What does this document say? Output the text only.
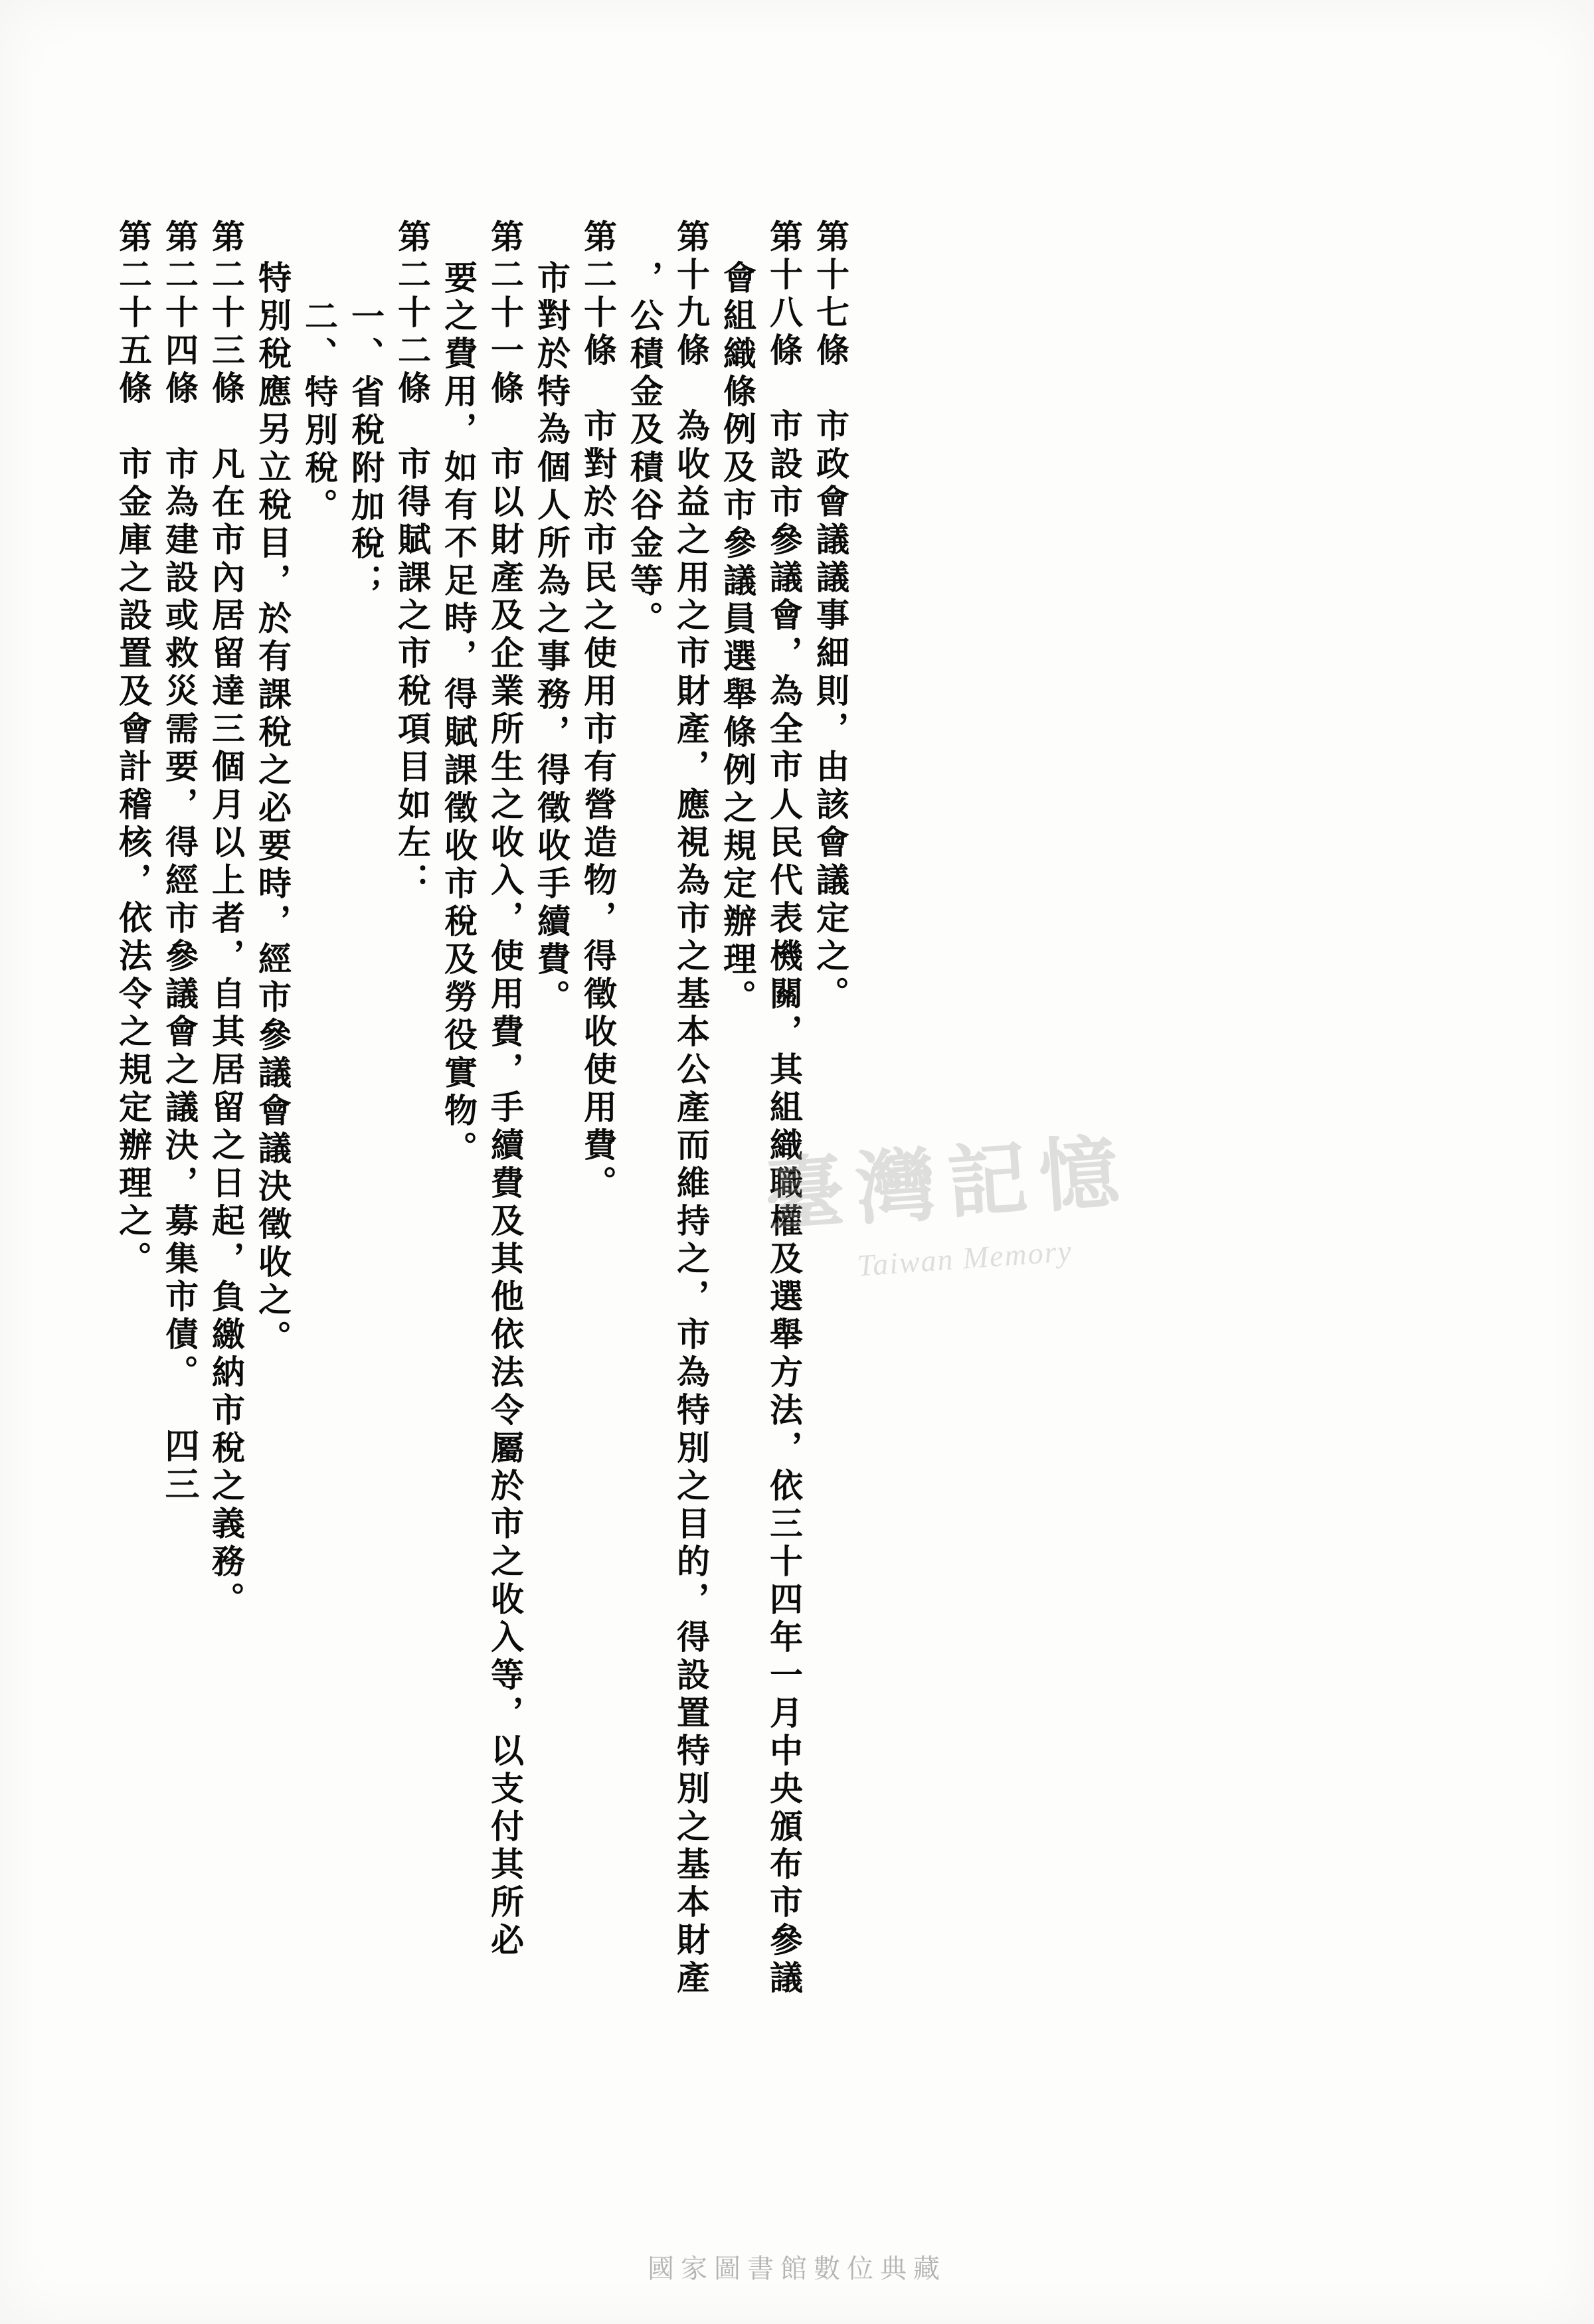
第二十五條　市金庫之設置及會計稽核，依法令之規定辦理之。 第二十四條　市為建設或救災需要，得經市參議會之議決，募集市債。 第二十三條　凡在市內居留達三個月以上者，自其居留之日起，負繳納市稅之義務。 特別稅應另立稅目，於有課稅之必要時，經市參議會議決徵收之。 二、特別稅。 一、省稅附加稅； 第二十二條　市得賦課之市稅項目如左： 要之費用，如有不足時，得賦課徵收市稅及勞役實物。 第二十一條　市以財產及企業所生之收入，使用費，手續費及其他依法令屬於市之收入等，以支付其所必 市對於特為個人所為之事務，得徵收手續費。 第二十條　市對於市民之使用市有營造物，得徵收使用費。 ，公積金及積谷金等。 第十九條　為收益之用之市財產，應視為市之基本公產而維持之，市為特別之目的，得設置特別之基本財產 會組織條例及市參議員選舉條例之規定辦理。 第十八條　市設市參議會，為全市人民代表機關，其組織職權及選舉方法，依三十四年一月中央頒布市參議 第十七條　市政會議議事細則，由該會議定之。
四三
臺灣記憶
Taiwan Memory
國家圖書館數位典藏
